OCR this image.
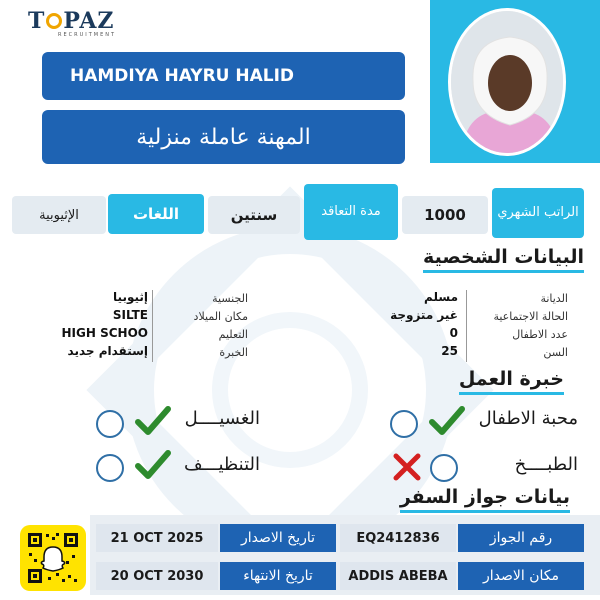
T PAZ
RECRUITMENT
HAMDIYA HAYRU HALID
المهنة عاملة منزلية
الراتب الشهري
1000
مدة التعاقد
سنتين
اللغات
الإثيوبية
البيانات الشخصية
الديانة
الحالة الاجتماعية
عدد الاطفال
السن
مسلم
غير متزوجة
0
25
الجنسية
مكان الميلاد
التعليم
الخبرة
إثيوبيا
SILTE
HIGH SCHOO
إستقدام جديد
خبرة العمل
محبة الاطفال
الغسيــــل
الطبــــخ
التنظيـــف
بيانات جواز السفر
رقم الجواز
EQ2412836
تاريخ الاصدار
21 OCT 2025
مكان الاصدار
ADDIS ABEBA
تاريخ الانتهاء
20 OCT 2030
